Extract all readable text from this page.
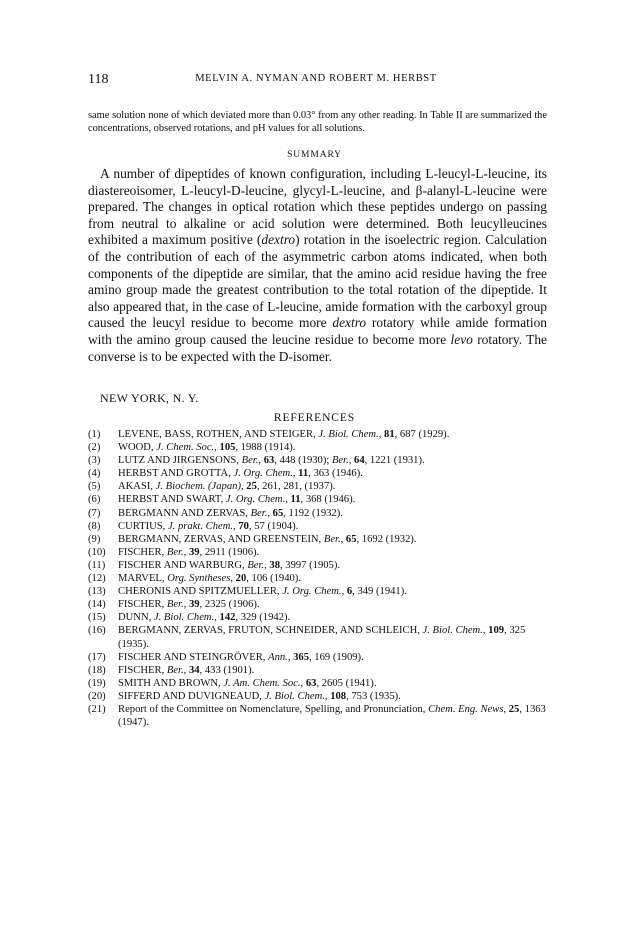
118	MELVIN A. NYMAN AND ROBERT M. HERBST

same solution none of which deviated more than 0.03° from any other reading. In Table II are summarized the concentrations, observed rotations, and pH values for all solutions.

SUMMARY

A number of dipeptides of known configuration, including L-leucyl-L-leucine, its diastereoisomer, L-leucyl-D-leucine, glycyl-L-leucine, and β-alanyl-L-leucine were prepared. The changes in optical rotation which these peptides undergo on passing from neutral to alkaline or acid solution were determined. Both leucylleucines exhibited a maximum positive (dextro) rotation in the isoelectric region. Calculation of the contribution of each of the asymmetric carbon atoms indicated, when both components of the dipeptide are similar, that the amino acid residue having the free amino group made the greatest contribution to the total rotation of the dipeptide. It also appeared that, in the case of L-leucine, amide formation with the carboxyl group caused the leucyl residue to become more dextro rotatory while amide formation with the amino group caused the leucine residue to become more levo rotatory. The converse is to be expected with the D-isomer.

NEW YORK, N. Y.
REFERENCES
(1) LEVENE, BASS, ROTHEN, AND STEIGER, J. Biol. Chem., 81, 687 (1929).
(2) WOOD, J. Chem. Soc., 105, 1988 (1914).
(3) LUTZ AND JIRGENSONS, Ber., 63, 448 (1930); Ber., 64, 1221 (1931).
(4) HERBST AND GROTTA, J. Org. Chem., 11, 363 (1946).
(5) AKASI, J. Biochem. (Japan), 25, 261, 281, (1937).
(6) HERBST AND SWART, J. Org. Chem., 11, 368 (1946).
(7) BERGMANN AND ZERVAS, Ber., 65, 1192 (1932).
(8) CURTIUS, J. prakt. Chem., 70, 57 (1904).
(9) BERGMANN, ZERVAS, AND GREENSTEIN, Ber., 65, 1692 (1932).
(10) FISCHER, Ber., 39, 2911 (1906).
(11) FISCHER AND WARBURG, Ber., 38, 3997 (1905).
(12) MARVEL, Org. Syntheses, 20, 106 (1940).
(13) CHERONIS AND SPITZMUELLER, J. Org. Chem., 6, 349 (1941).
(14) FISCHER, Ber., 39, 2325 (1906).
(15) DUNN, J. Biol. Chem., 142, 329 (1942).
(16) BERGMANN, ZERVAS, FRUTON, SCHNEIDER, AND SCHLEICH, J. Biol. Chem., 109, 325 (1935).
(17) FISCHER AND STEINGRÖVER, Ann., 365, 169 (1909).
(18) FISCHER, Ber., 34, 433 (1901).
(19) SMITH AND BROWN, J. Am. Chem. Soc., 63, 2605 (1941).
(20) SIFFERD AND DUVIGNEAUD, J. Biol. Chem., 108, 753 (1935).
(21) Report of the Committee on Nomenclature, Spelling, and Pronunciation, Chem. Eng. News, 25, 1363 (1947).
